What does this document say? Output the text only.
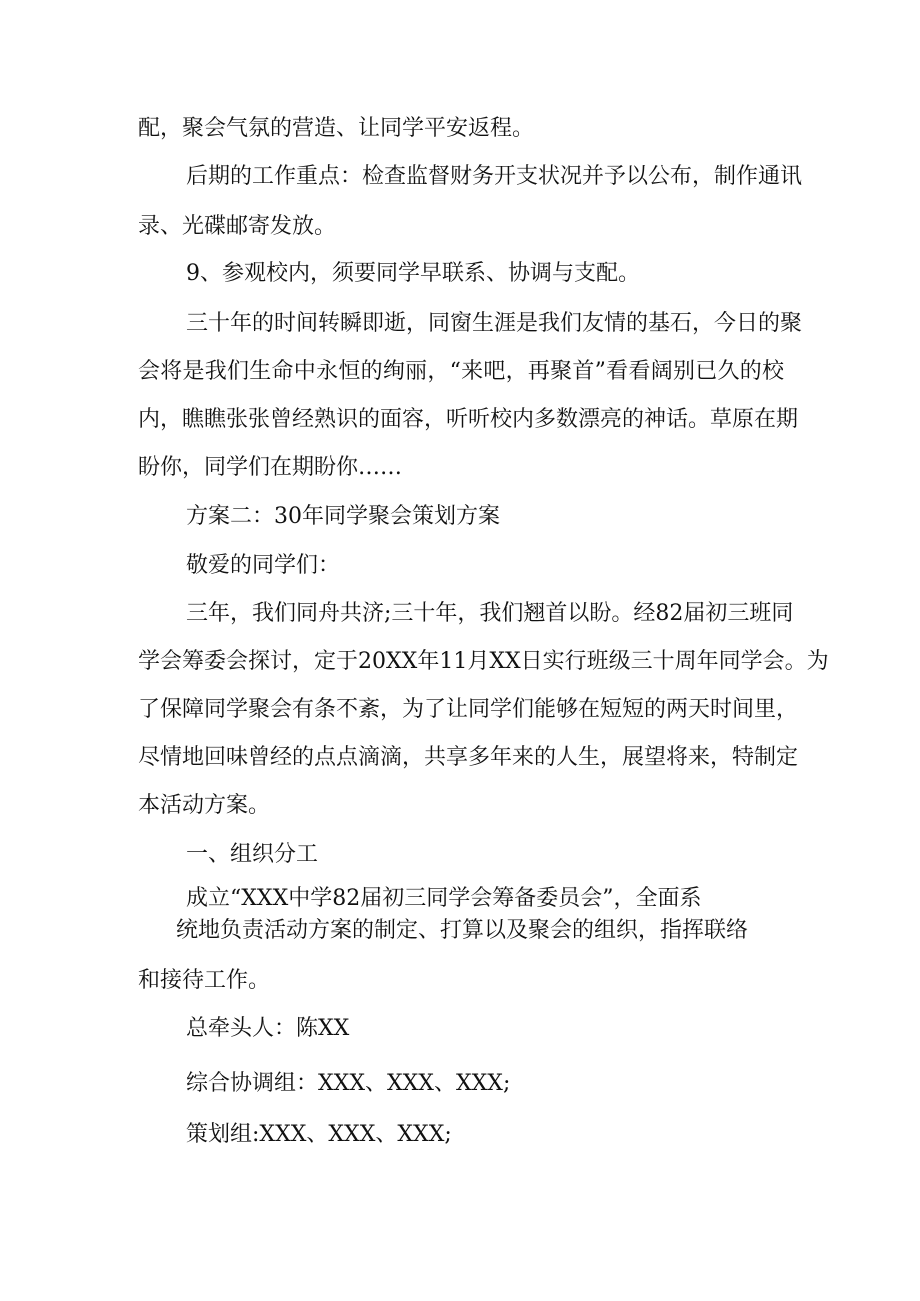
配，聚会气氛的营造、让同学平安返程。

后期的工作重点：检查监督财务开支状况并予以公布，制作通讯

录、光碟邮寄发放。

9、参观校内，须要同学早联系、协调与支配。

三十年的时间转瞬即逝，同窗生涯是我们友情的基石，今日的聚

会将是我们生命中永恒的绚丽，“来吧，再聚首”看看阔别已久的校

内，瞧瞧张张曾经熟识的面容，听听校内多数漂亮的神话。草原在期

盼你，同学们在期盼你……

方案二：30年同学聚会策划方案

敬爱的同学们：

三年，我们同舟共济;三十年，我们翘首以盼。经82届初三班同

学会筹委会探讨，定于20XX年11月XX日实行班级三十周年同学会。为

了保障同学聚会有条不紊，为了让同学们能够在短短的两天时间里，

尽情地回味曾经的点点滴滴，共享多年来的人生，展望将来，特制定

本活动方案。

一、组织分工

成立“XXX中学82届初三同学会筹备委员会”，全面系

统地负责活动方案的制定、打算以及聚会的组织，指挥联络

和接待工作。

总牵头人：陈XX

综合协调组：XXX、XXX、XXX;

策划组:XXX、XXX、XXX;
